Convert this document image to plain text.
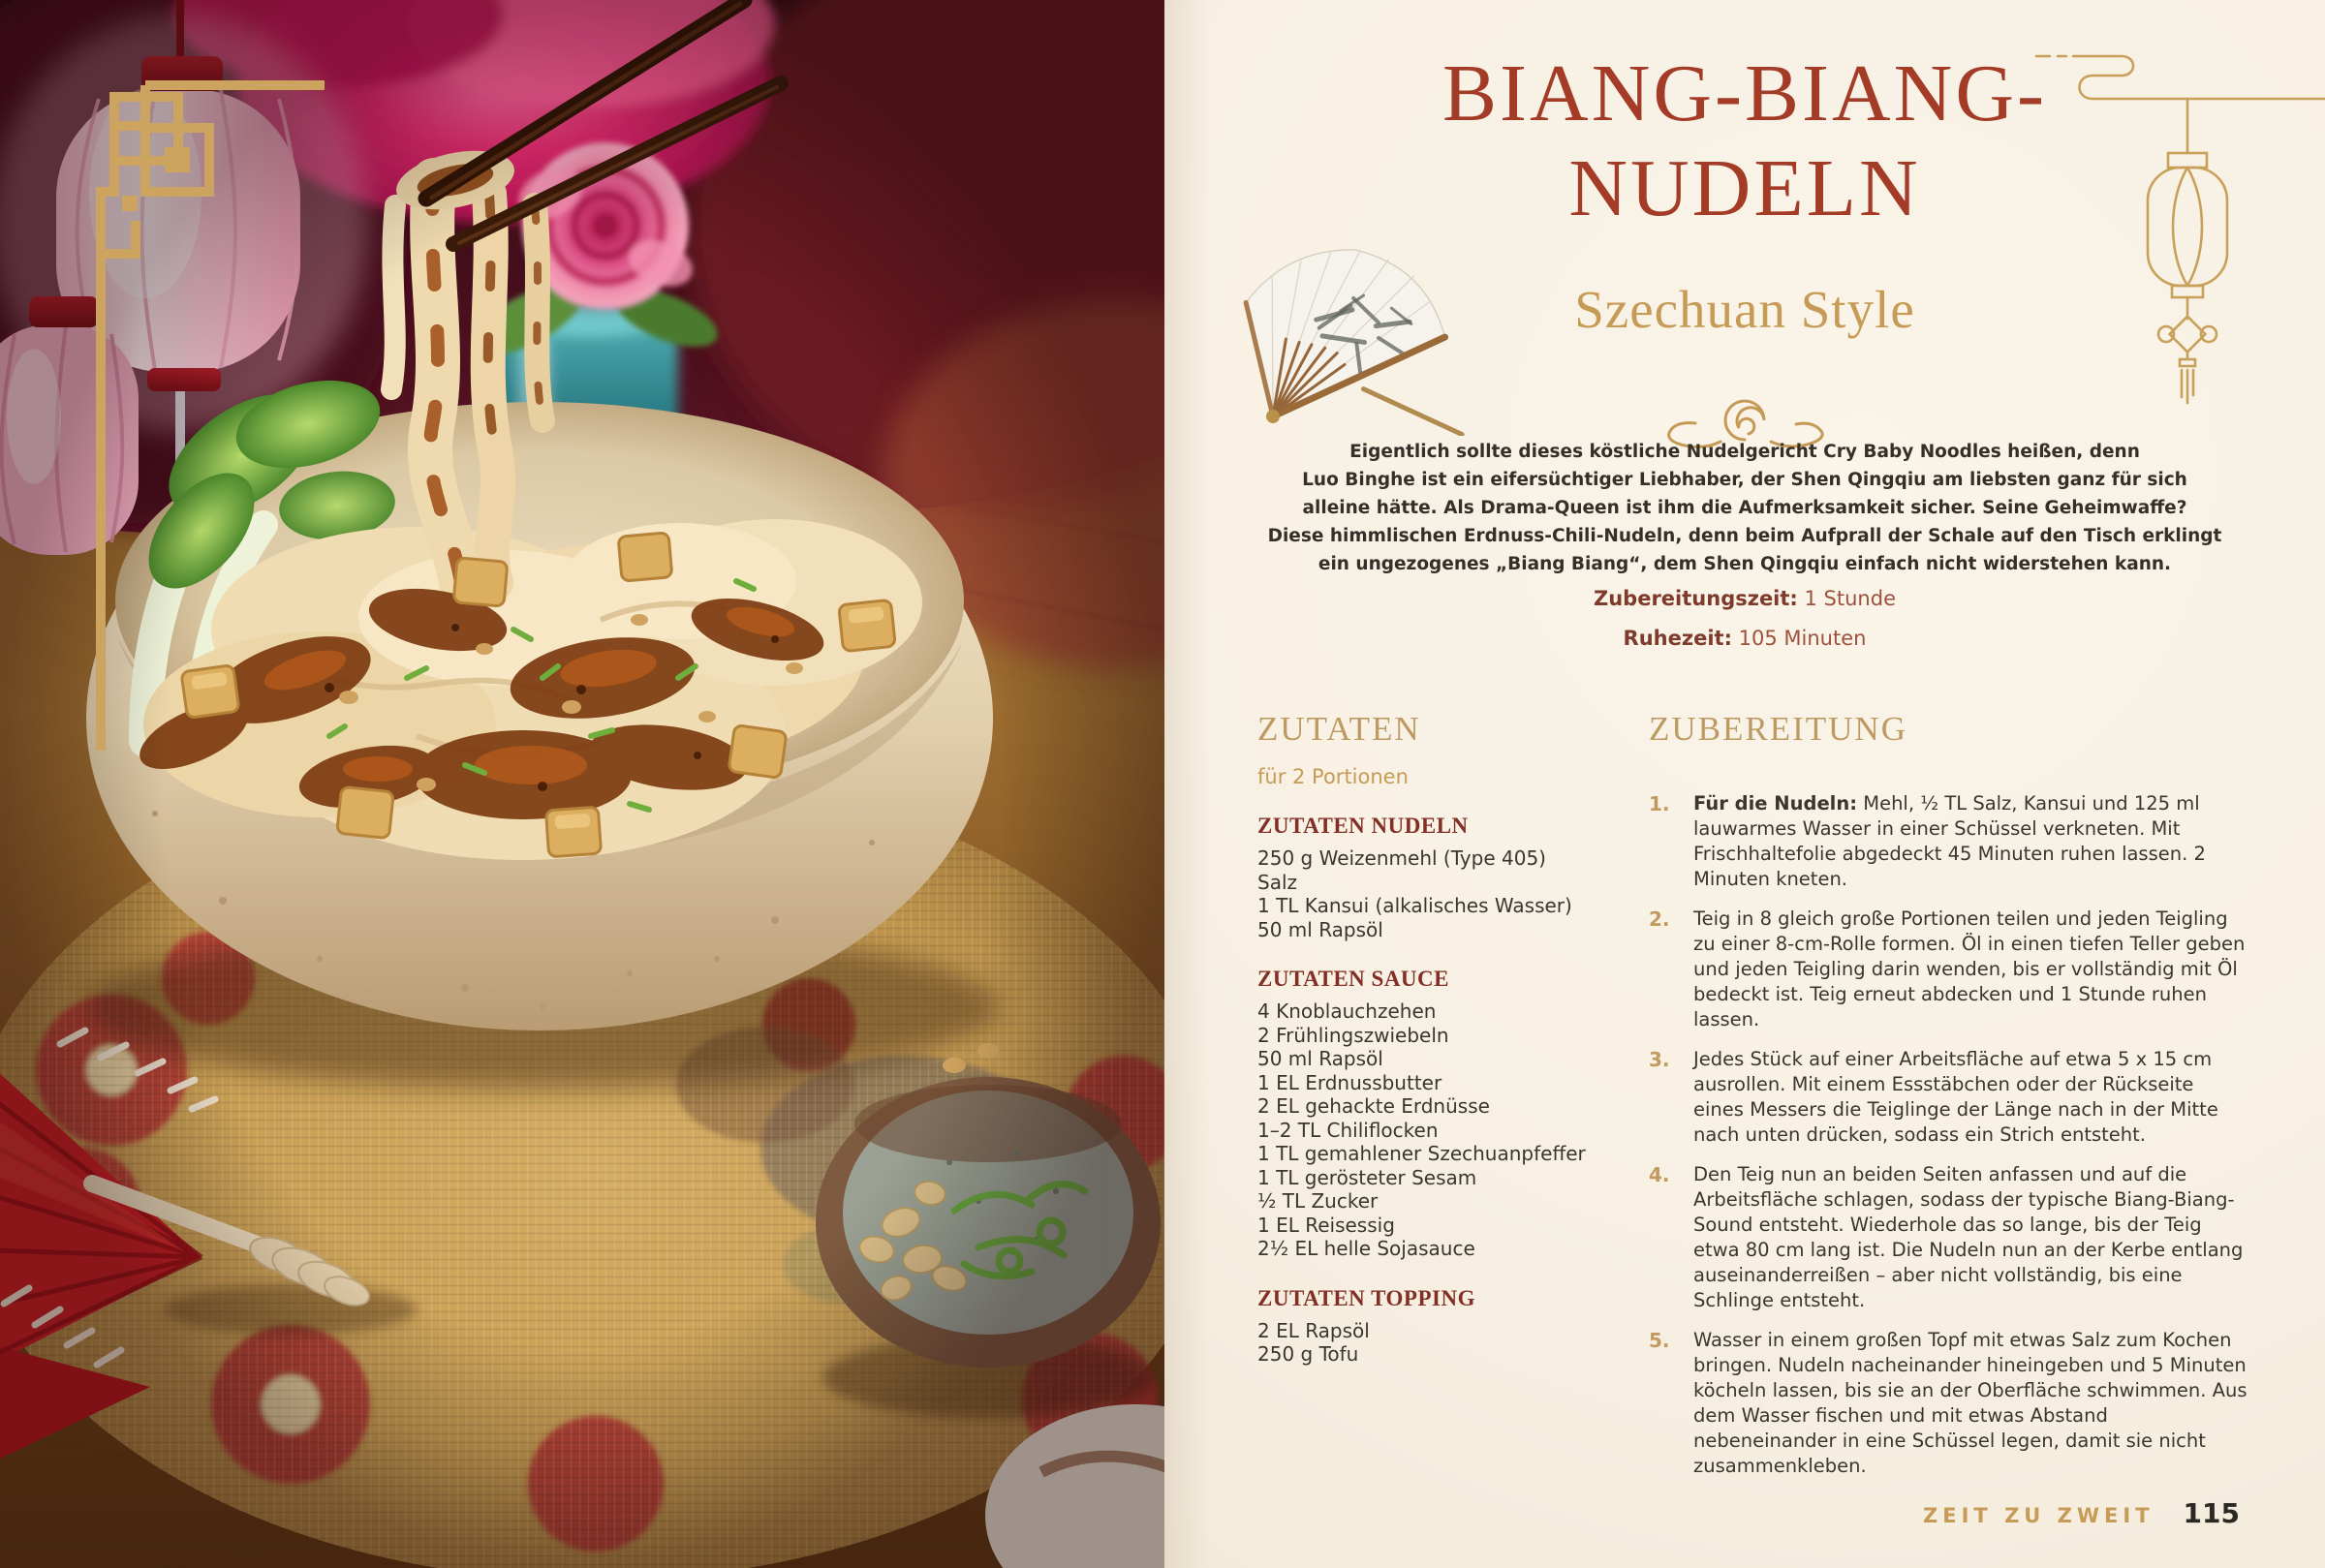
BIANG-BIANG-
NUDELN
Szechuan Style
Eigentlich sollte dieses köstliche Nudelgericht Cry Baby Noodles heißen, denn
Luo Binghe ist ein eifersüchtiger Liebhaber, der Shen Qingqiu am liebsten ganz für sich
alleine hätte. Als Drama-Queen ist ihm die Aufmerksamkeit sicher. Seine Geheimwaffe?
Diese himmlischen Erdnuss-Chili-Nudeln, denn beim Aufprall der Schale auf den Tisch erklingt
ein ungezogenes „Biang Biang“, dem Shen Qingqiu einfach nicht widerstehen kann.
Zubereitungszeit: 1 Stunde
Ruhezeit: 105 Minuten
ZUTATEN
für 2 Portionen
ZUTATEN NUDELN
250 g Weizenmehl (Type 405)
Salz
1 TL Kansui (alkalisches Wasser)
50 ml Rapsöl
ZUTATEN SAUCE
4 Knoblauchzehen
2 Frühlingszwiebeln
50 ml Rapsöl
1 EL Erdnussbutter
2 EL gehackte Erdnüsse
1–2 TL Chiliflocken
1 TL gemahlener Szechuanpfeffer
1 TL gerösteter Sesam
½ TL Zucker
1 EL Reisessig
2½ EL helle Sojasauce
ZUTATEN TOPPING
2 EL Rapsöl
250 g Tofu
ZUBEREITUNG
1.	Für die Nudeln: Mehl, ½ TL Salz, Kansui und 125 ml lauwarmes Wasser in einer Schüssel verkneten. Mit Frischhaltefolie abgedeckt 45 Minuten ruhen lassen. 2 Minuten kneten.
2.	Teig in 8 gleich große Portionen teilen und jeden Teigling zu einer 8-cm-Rolle formen. Öl in einen tiefen Teller geben und jeden Teigling darin wenden, bis er vollständig mit Öl bedeckt ist. Teig erneut abdecken und 1 Stunde ruhen lassen.
3.	Jedes Stück auf einer Arbeitsfläche auf etwa 5 x 15 cm ausrollen. Mit einem Essstäbchen oder der Rückseite eines Messers die Teiglinge der Länge nach in der Mitte nach unten drücken, sodass ein Strich entsteht.
4.	Den Teig nun an beiden Seiten anfassen und auf die Arbeitsfläche schlagen, sodass der typische Biang-Biang-Sound entsteht. Wiederhole das so lange, bis der Teig etwa 80 cm lang ist. Die Nudeln nun an der Kerbe entlang auseinanderreißen – aber nicht vollständig, bis eine Schlinge entsteht.
5.	Wasser in einem großen Topf mit etwas Salz zum Kochen bringen. Nudeln nacheinander hineingeben und 5 Minuten köcheln lassen, bis sie an der Oberfläche schwimmen. Aus dem Wasser fischen und mit etwas Abstand nebeneinander in eine Schüssel legen, damit sie nicht zusammenkleben.
ZEIT ZU ZWEIT 115
